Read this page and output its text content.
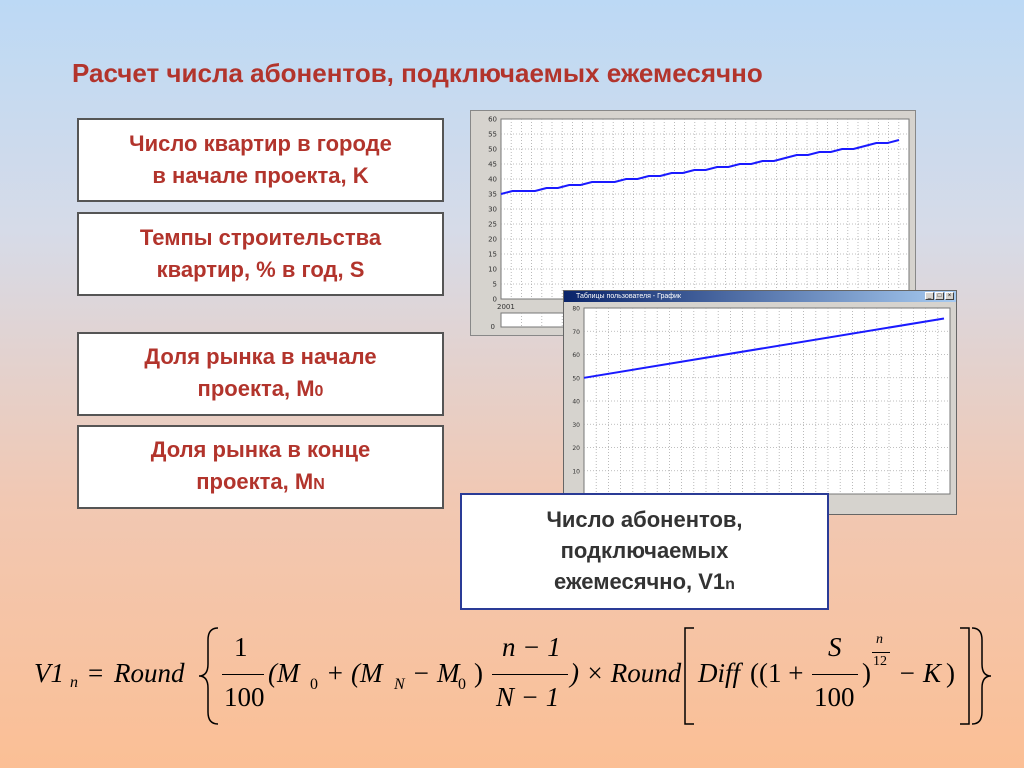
Расчет числа абонентов, подключаемых ежемесячно
Число квартир в городе
в начале проекта, K
Темпы строительства
квартир, % в год, S
Доля рынка в начале
проекта, M0
Доля рынка в конце
проекта, MN
60
55
50
45
40
35
30
25
20
15
10
5
0
2001
0
Таблицы пользователя - График	_	□	×
80
70
60
50
40
30
20
10
Число абонентов,
подключаемых
ежемесячно, V1n
V1 n = Round
1
100
(M 0 + (M N − M
0 )
n − 1
N − 1
) × Round Diff ((1 +
S
100
)
n
12 − K )
